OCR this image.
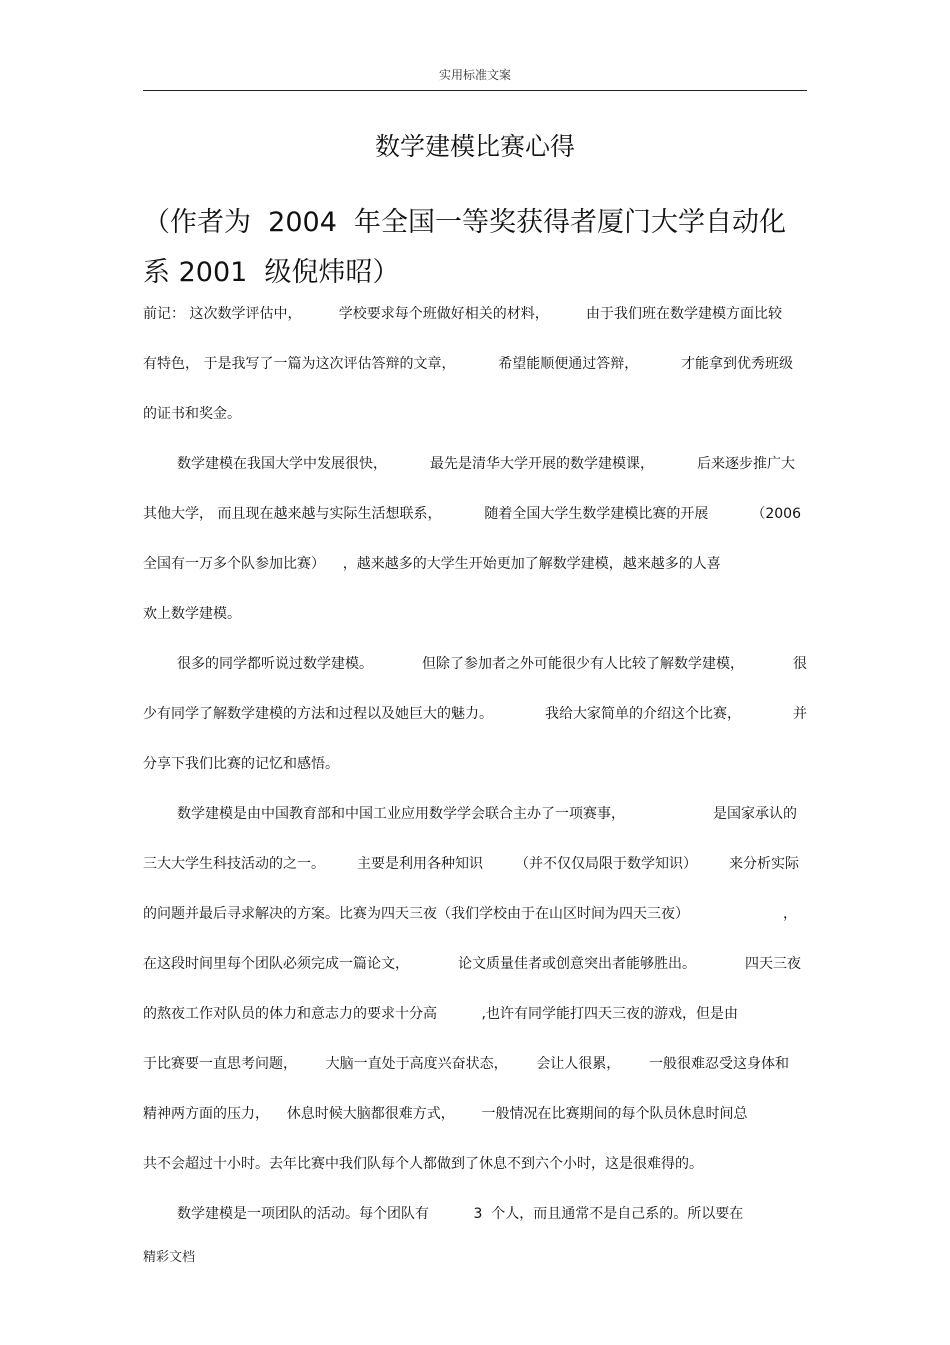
实用标准文案
数学建模比赛心得
（作者为  2004  年全国一等奖获得者厦门大学自动化
系 2001  级倪炜昭）
前记： 这次数学评估中，	学校要求每个班做好相关的材料，	由于我们班在数学建模方面比较
有特色， 于是我写了一篇为这次评估答辩的文章，	希望能顺便通过答辩，	才能拿到优秀班级
的证书和奖金。
数学建模在我国大学中发展很快，	最先是清华大学开展的数学建模课，	后来逐步推广大
其他大学， 而且现在越来越与实际生活想联系，	随着全国大学生数学建模比赛的开展	（2006
全国有一万多个队参加比赛）    ，越来越多的大学生开始更加了解数学建模，越来越多的人喜
欢上数学建模。
很多的同学都听说过数学建模。	但除了参加者之外可能很少有人比较了解数学建模，	很
少有同学了解数学建模的方法和过程以及她巨大的魅力。	我给大家简单的介绍这个比赛，	并
分享下我们比赛的记忆和感悟。
数学建模是由中国教育部和中国工业应用数学学会联合主办了一项赛事，	是国家承认的
三大大学生科技活动的之一。 主要是利用各种知识 （并不仅仅局限于数学知识） 来分析实际
的问题并最后寻求解决的方案。比赛为四天三夜（我们学校由于在山区时间为四天三夜）	，
在这段时间里每个团队必须完成一篇论文，	论文质量佳者或创意突出者能够胜出。	四天三夜
的熬夜工作对队员的体力和意志力的要求十分高          ,也许有同学能打四天三夜的游戏，但是由
于比赛要一直思考问题， 大脑一直处于高度兴奋状态， 会让人很累， 一般很难忍受这身体和
精神两方面的压力，    休息时候大脑都很难方式，      一般情况在比赛期间的每个队员休息时间总
共不会超过十小时。去年比赛中我们队每个人都做到了休息不到六个小时，这是很难得的。
数学建模是一项团队的活动。每个团队有          3  个人，而且通常不是自己系的。所以要在
精彩文档
